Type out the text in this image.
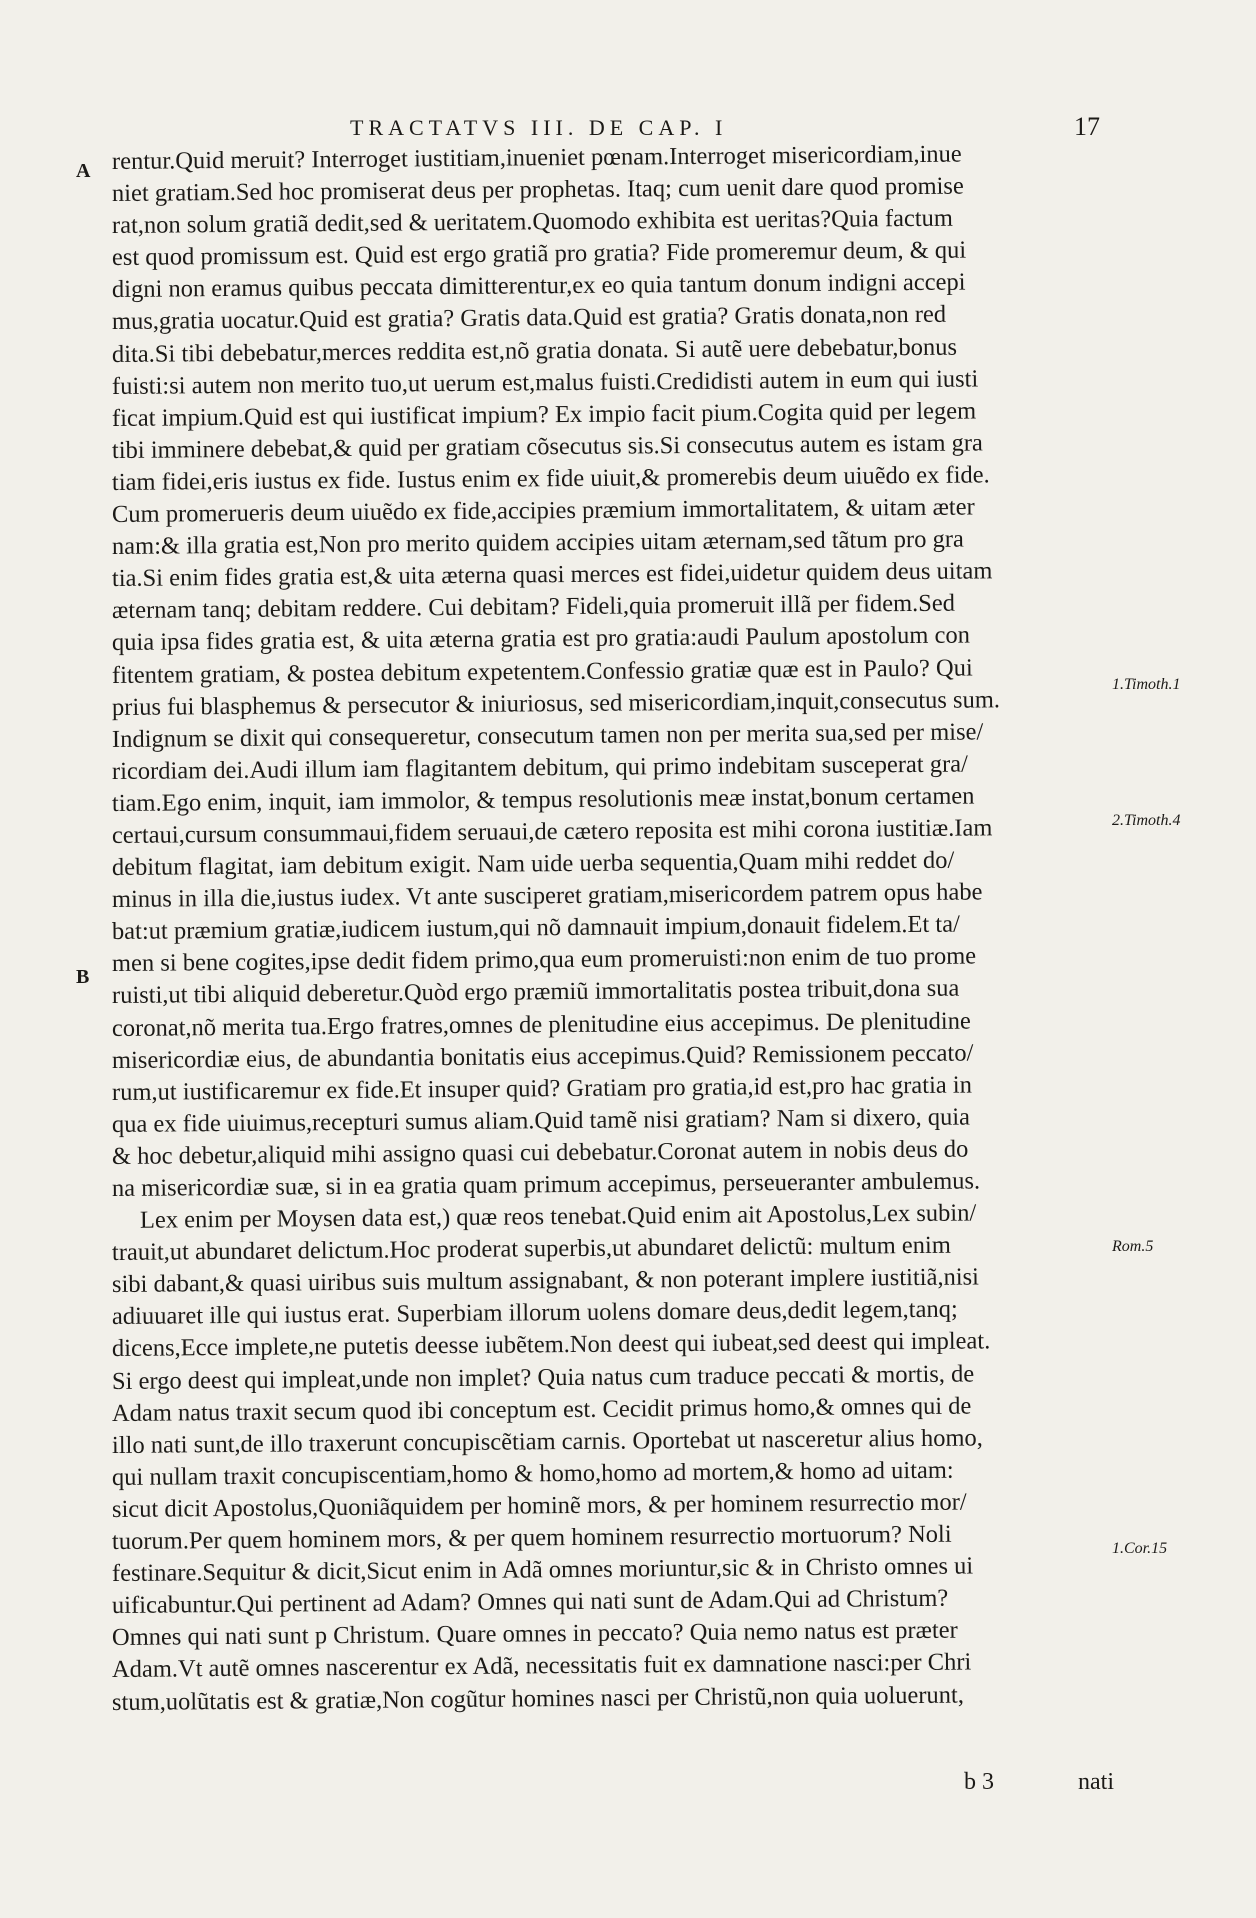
TRACTATVS III. DE CAP. I	17
A
B
1.Timoth.1
2.Timoth.4
Rom.5
1.Cor.15
rentur.Quid meruit? Interroget iustitiam,inueniet pœnam.Interroget misericordiam,inue
niet gratiam.Sed hoc promiserat deus per prophetas. Itaq; cum uenit dare quod promise
rat,non solum gratiã dedit,sed & ueritatem.Quomodo exhibita est ueritas?Quia factum
est quod promissum est. Quid est ergo gratiã pro gratia? Fide promeremur deum, & qui
digni non eramus quibus peccata dimitterentur,ex eo quia tantum donum indigni accepi
mus,gratia uocatur.Quid est gratia? Gratis data.Quid est gratia? Gratis donata,non red
dita.Si tibi debebatur,merces reddita est,nõ gratia donata. Si autẽ uere debebatur,bonus
fuisti:si autem non merito tuo,ut uerum est,malus fuisti.Credidisti autem in eum qui iusti
ficat impium.Quid est qui iustificat impium? Ex impio facit pium.Cogita quid per legem
tibi imminere debebat,& quid per gratiam cõsecutus sis.Si consecutus autem es istam gra
tiam fidei,eris iustus ex fide. Iustus enim ex fide uiuit,& promerebis deum uiuẽdo ex fide.
Cum promerueris deum uiuẽdo ex fide,accipies præmium immortalitatem, & uitam æter
nam:& illa gratia est,Non pro merito quidem accipies uitam æternam,sed tãtum pro gra
tia.Si enim fides gratia est,& uita æterna quasi merces est fidei,uidetur quidem deus uitam
æternam tanq; debitam reddere. Cui debitam? Fideli,quia promeruit illã per fidem.Sed
quia ipsa fides gratia est, & uita æterna gratia est pro gratia:audi Paulum apostolum con
fitentem gratiam, & postea debitum expetentem.Confessio gratiæ quæ est in Paulo? Qui
prius fui blasphemus & persecutor & iniuriosus, sed misericordiam,inquit,consecutus sum.
Indignum se dixit qui consequeretur, consecutum tamen non per merita sua,sed per mise/
ricordiam dei.Audi illum iam flagitantem debitum, qui primo indebitam susceperat gra/
tiam.Ego enim, inquit, iam immolor, & tempus resolutionis meæ instat,bonum certamen
certaui,cursum consummaui,fidem seruaui,de cætero reposita est mihi corona iustitiæ.Iam
debitum flagitat, iam debitum exigit. Nam uide uerba sequentia,Quam mihi reddet do/
minus in illa die,iustus iudex. Vt ante susciperet gratiam,misericordem patrem opus habe
bat:ut præmium gratiæ,iudicem iustum,qui nõ damnauit impium,donauit fidelem.Et ta/
men si bene cogites,ipse dedit fidem primo,qua eum promeruisti:non enim de tuo prome
ruisti,ut tibi aliquid deberetur.Quòd ergo præmiũ immortalitatis postea tribuit,dona sua
coronat,nõ merita tua.Ergo fratres,omnes de plenitudine eius accepimus. De plenitudine
misericordiæ eius, de abundantia bonitatis eius accepimus.Quid? Remissionem peccato/
rum,ut iustificaremur ex fide.Et insuper quid? Gratiam pro gratia,id est,pro hac gratia in
qua ex fide uiuimus,recepturi sumus aliam.Quid tamẽ nisi gratiam? Nam si dixero, quia
& hoc debetur,aliquid mihi assigno quasi cui debebatur.Coronat autem in nobis deus do
na misericordiæ suæ, si in ea gratia quam primum accepimus, perseueranter ambulemus.
Lex enim per Moysen data est,) quæ reos tenebat.Quid enim ait Apostolus,Lex subin/
trauit,ut abundaret delictum.Hoc proderat superbis,ut abundaret delictũ: multum enim
sibi dabant,& quasi uiribus suis multum assignabant, & non poterant implere iustitiã,nisi
adiuuaret ille qui iustus erat. Superbiam illorum uolens domare deus,dedit legem,tanq;
dicens,Ecce implete,ne putetis deesse iubẽtem.Non deest qui iubeat,sed deest qui impleat.
Si ergo deest qui impleat,unde non implet? Quia natus cum traduce peccati & mortis, de
Adam natus traxit secum quod ibi conceptum est. Cecidit primus homo,& omnes qui de
illo nati sunt,de illo traxerunt concupiscẽtiam carnis. Oportebat ut nasceretur alius homo,
qui nullam traxit concupiscentiam,homo & homo,homo ad mortem,& homo ad uitam:
sicut dicit Apostolus,Quoniãquidem per hominẽ mors, & per hominem resurrectio mor/
tuorum.Per quem hominem mors, & per quem hominem resurrectio mortuorum? Noli
festinare.Sequitur & dicit,Sicut enim in Adã omnes moriuntur,sic & in Christo omnes ui
uificabuntur.Qui pertinent ad Adam? Omnes qui nati sunt de Adam.Qui ad Christum?
Omnes qui nati sunt p Christum. Quare omnes in peccato? Quia nemo natus est præter
Adam.Vt autẽ omnes nascerentur ex Adã, necessitatis fuit ex damnatione nasci:per Chri
stum,uolũtatis est & gratiæ,Non cogũtur homines nasci per Christũ,non quia uoluerunt,
b 3	nati
